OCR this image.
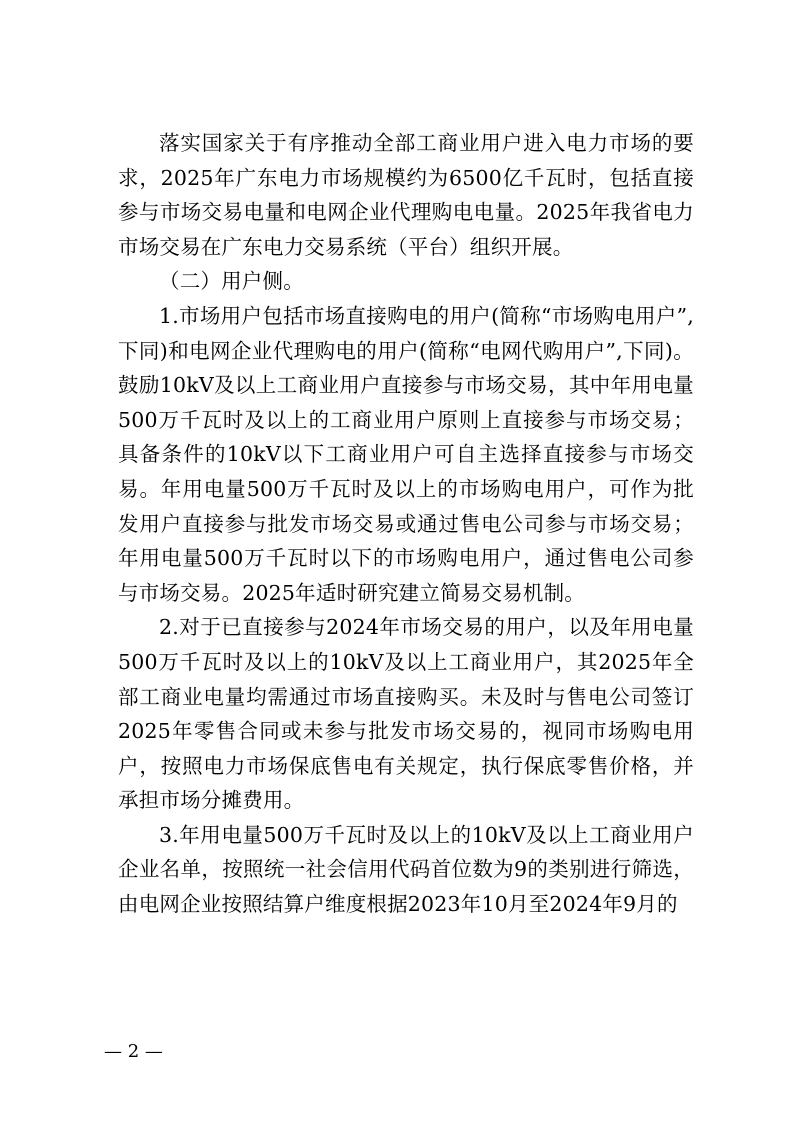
落实国家关于有序推动全部工商业用户进入电力市场的要求，2025年广东电力市场规模约为6500亿千瓦时，包括直接参与市场交易电量和电网企业代理购电电量。2025年我省电力市场交易在广东电力交易系统（平台）组织开展。

（二）用户侧。

1.市场用户包括市场直接购电的用户(简称“市场购电用户”,下同)和电网企业代理购电的用户(简称“电网代购用户”,下同)。鼓励10kV及以上工商业用户直接参与市场交易，其中年用电量500万千瓦时及以上的工商业用户原则上直接参与市场交易；具备条件的10kV以下工商业用户可自主选择直接参与市场交易。年用电量500万千瓦时及以上的市场购电用户，可作为批发用户直接参与批发市场交易或通过售电公司参与市场交易；年用电量500万千瓦时以下的市场购电用户，通过售电公司参与市场交易。2025年适时研究建立简易交易机制。

2.对于已直接参与2024年市场交易的用户，以及年用电量500万千瓦时及以上的10kV及以上工商业用户，其2025年全部工商业电量均需通过市场直接购买。未及时与售电公司签订2025年零售合同或未参与批发市场交易的，视同市场购电用户，按照电力市场保底售电有关规定，执行保底零售价格，并承担市场分摊费用。

3.年用电量500万千瓦时及以上的10kV及以上工商业用户企业名单，按照统一社会信用代码首位数为9的类别进行筛选，由电网企业按照结算户维度根据2023年10月至2024年9月的

— 2 —
